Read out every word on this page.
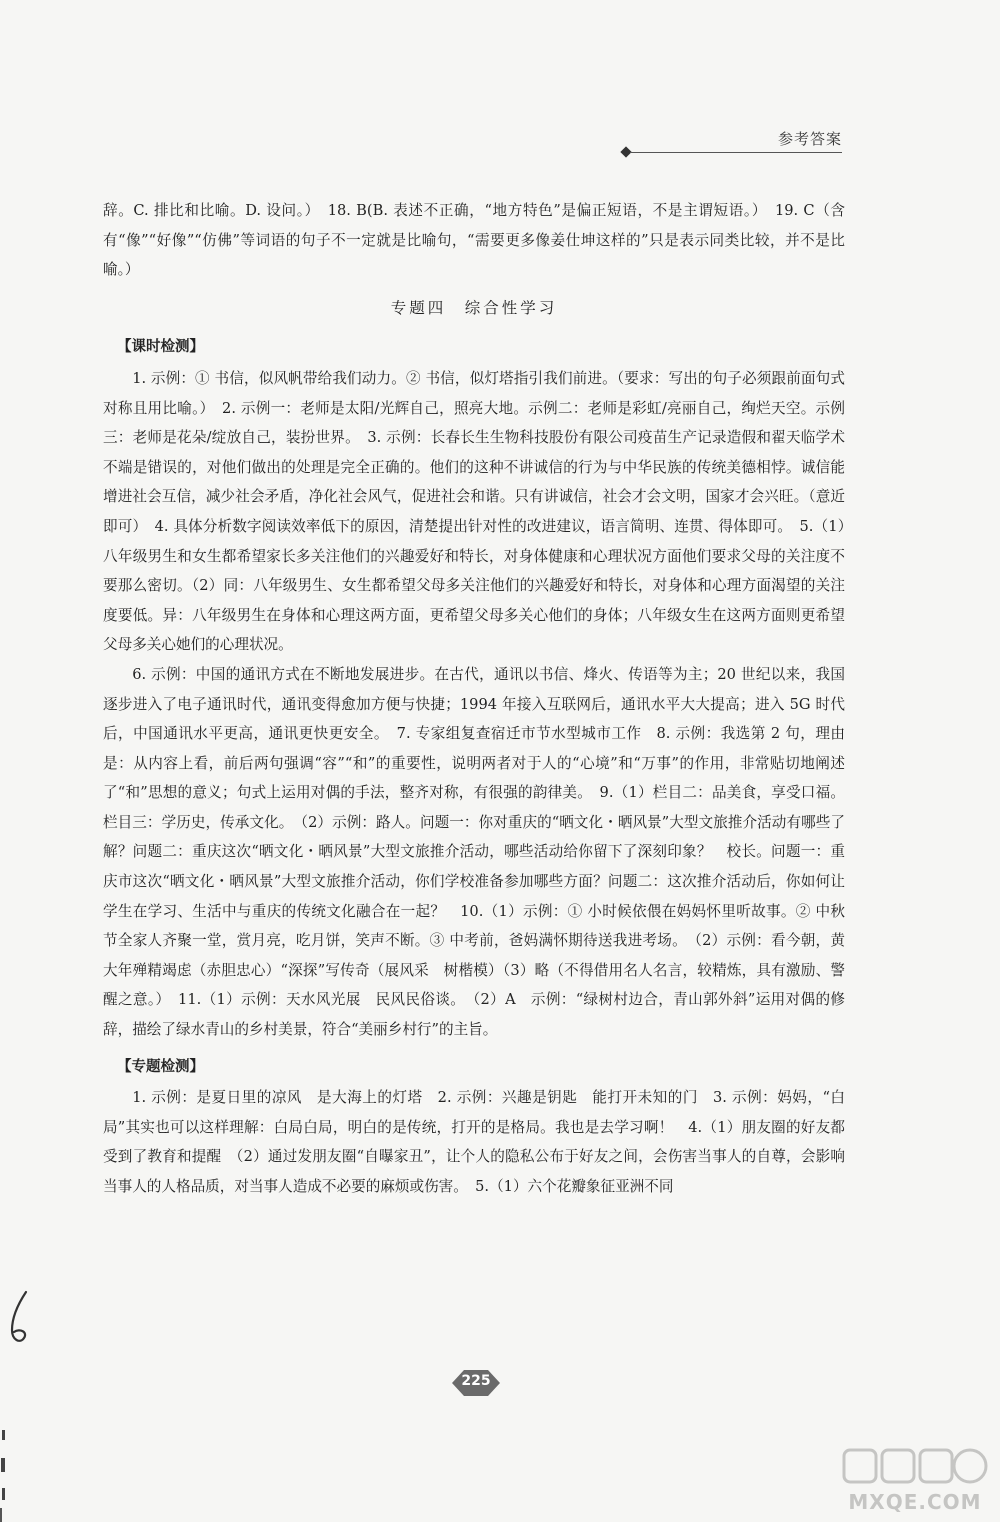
参考答案

辞。C. 排比和比喻。D. 设问。）　18. B(B. 表述不正确，“地方特色”是偏正短语，不是主谓短语。）　19. C（含有“像”“好像”“仿佛”等词语的句子不一定就是比喻句，“需要更多像姜仕坤这样的”只是表示同类比较，并不是比喻。）

专题四　综合性学习
【课时检测】

1. 示例：① 书信，似风帆带给我们动力。② 书信，似灯塔指引我们前进。（要求：写出的句子必须跟前面句式对称且用比喻。）　2. 示例一：老师是太阳/光辉自己，照亮大地。示例二：老师是彩虹/亮丽自己，绚烂天空。示例三：老师是花朵/绽放自己，装扮世界。　3. 示例：长春长生生物科技股份有限公司疫苗生产记录造假和翟天临学术不端是错误的，对他们做出的处理是完全正确的。他们的这种不讲诚信的行为与中华民族的传统美德相悖。诚信能增进社会互信，减少社会矛盾，净化社会风气，促进社会和谐。只有讲诚信，社会才会文明，国家才会兴旺。（意近即可）　4. 具体分析数字阅读效率低下的原因，清楚提出针对性的改进建议，语言简明、连贯、得体即可。　5.（1）八年级男生和女生都希望家长多关注他们的兴趣爱好和特长，对身体健康和心理状况方面他们要求父母的关注度不要那么密切。（2）同：八年级男生、女生都希望父母多关注他们的兴趣爱好和特长，对身体和心理方面渴望的关注度要低。异：八年级男生在身体和心理这两方面，更希望父母多关心他们的身体；八年级女生在这两方面则更希望父母多关心她们的心理状况。

6. 示例：中国的通讯方式在不断地发展进步。在古代，通讯以书信、烽火、传语等为主；20 世纪以来，我国逐步进入了电子通讯时代，通讯变得愈加方便与快捷；1994 年接入互联网后，通讯水平大大提高；进入 5G 时代后，中国通讯水平更高，通讯更快更安全。　7. 专家组复查宿迁市节水型城市工作　8. 示例：我选第 2 句，理由是：从内容上看，前后两句强调“容”“和”的重要性，说明两者对于人的“心境”和“万事”的作用，非常贴切地阐述了“和”思想的意义；句式上运用对偶的手法，整齐对称，有很强的韵律美。　9.（1）栏目二：品美食，享受口福。栏目三：学历史，传承文化。　（2）示例：路人。问题一：你对重庆的“晒文化・晒风景”大型文旅推介活动有哪些了解？问题二：重庆这次“晒文化・晒风景”大型文旅推介活动，哪些活动给你留下了深刻印象？　校长。问题一：重庆市这次“晒文化・晒风景”大型文旅推介活动，你们学校准备参加哪些方面？问题二：这次推介活动后，你如何让学生在学习、生活中与重庆的传统文化融合在一起？　10.（1）示例：① 小时候依偎在妈妈怀里听故事。② 中秋节全家人齐聚一堂，赏月亮，吃月饼，笑声不断。③ 中考前，爸妈满怀期待送我进考场。　（2）示例：看今朝，黄大年殚精竭虑（赤胆忠心）“深探”写传奇（展风采　树楷模）（3）略（不得借用名人名言，较精炼，具有激励、警醒之意。）　11.（1）示例：天水风光展　民风民俗谈。　（2）A　示例：“绿树村边合，青山郭外斜”运用对偶的修辞，描绘了绿水青山的乡村美景，符合“美丽乡村行”的主旨。

【专题检测】

1. 示例：是夏日里的凉风　是大海上的灯塔　2. 示例：兴趣是钥匙　能打开未知的门　3. 示例：妈妈，“白局”其实也可以这样理解：白局白局，明白的是传统，打开的是格局。我也是去学习啊！　4.（1）朋友圈的好友都受到了教育和提醒　（2）通过发朋友圈“自曝家丑”，让个人的隐私公布于好友之间，会伤害当事人的自尊，会影响当事人的人格品质，对当事人造成不必要的麻烦或伤害。　5.（1）六个花瓣象征亚洲不同

225
MXQE.COM
